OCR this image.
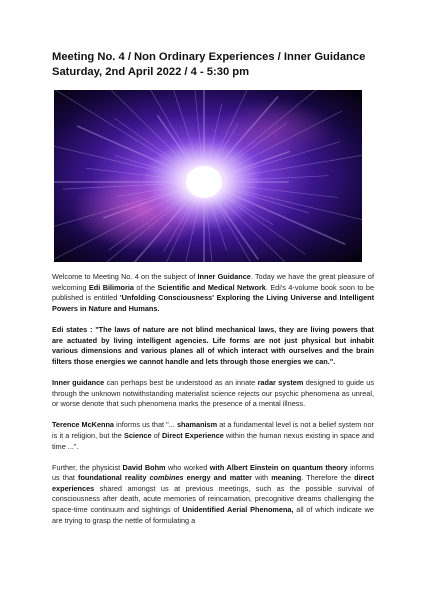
Meeting No. 4 / Non Ordinary Experiences / Inner Guidance
Saturday, 2nd April 2022 / 4 - 5:30 pm

Welcome to Meeting No. 4 on the subject of Inner Guidance. Today we have the great pleasure of welcoming Edi Bilimoria of the Scientific and Medical Network. Edi's 4-volume book soon to be published is entitled 'Unfolding Consciousness' Exploring the Living Universe and Intelligent Powers in Nature and Humans.

Edi states : "The laws of nature are not blind mechanical laws, they are living powers that are actuated by living intelligent agencies. Life forms are not just physical but inhabit various dimensions and various planes all of which interact with ourselves and the brain filters those energies we cannot handle and lets through those energies we can.".

Inner guidance can perhaps best be understood as an innate radar system designed to guide us through the unknown notwithstanding materialist science rejects our psychic phenomena as unreal, or worse denote that such phenomena marks the presence of a mental illness.

Terence McKenna informs us that "... shamanism at a fundamental level is not a belief system nor is it a religion, but the Science of Direct Experience within the human nexus existing in space and time ...".

Further, the physicist David Bohm who worked with Albert Einstein on quantum theory informs us that foundational reality combines energy and matter with meaning. Therefore the direct experiences shared amongst us at previous meetings, such as the possible survival of consciousness after death, acute memories of reincarnation, precognitive dreams challenging the space-time continuum and sightings of Unidentified Aerial Phenomena, all of which indicate we are trying to grasp the nettle of formulating a
